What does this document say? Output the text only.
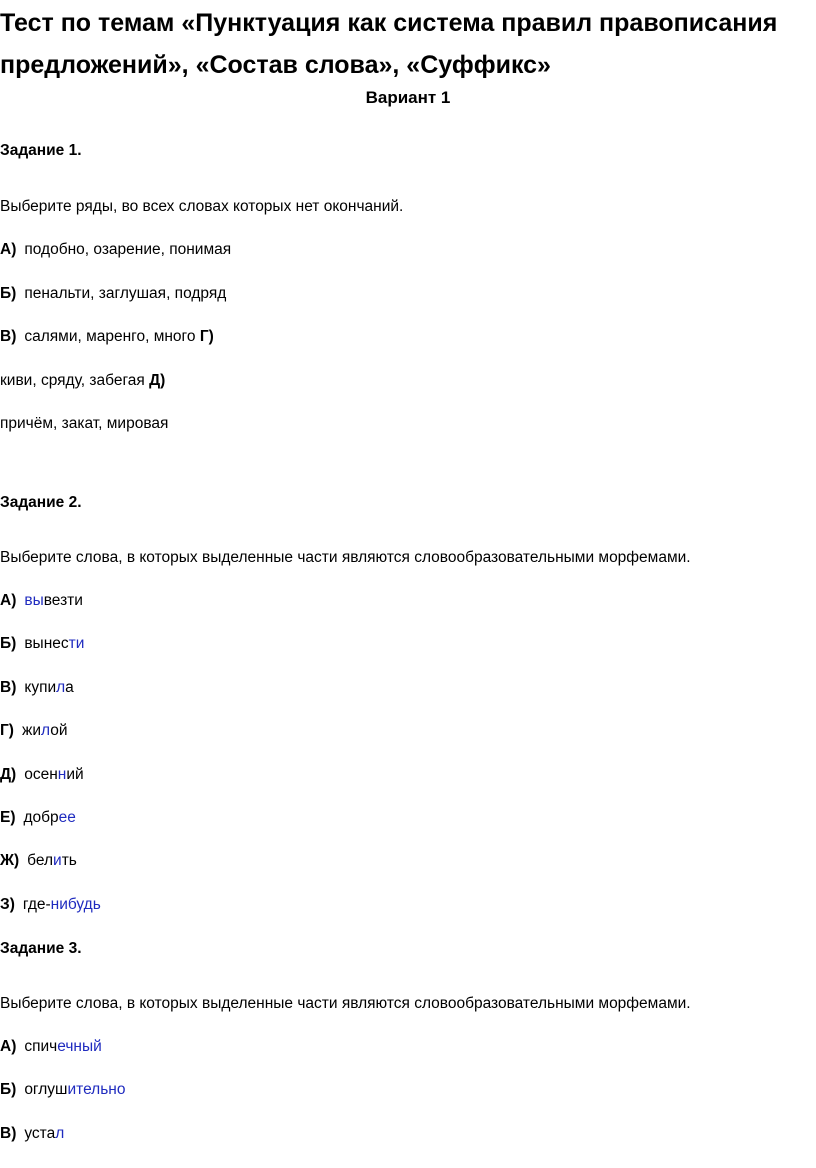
Тест по темам «Пунктуация как система правил правописания предложений», «Состав слова», «Суффикс»
Вариант 1
Задание 1.
Выберите ряды, во всех словах которых нет окончаний.
А) подобно, озарение, понимая
Б) пенальти, заглушая, подряд
В) салями, маренго, много Г)
киви, сряду, забегая Д)
причём, закат, мировая
Задание 2.
Выберите слова, в которых выделенные части являются словообразовательными морфемами.
А) вывезти
Б) вынести
В) купила
Г) жилой
Д) осенний
Е) добрее
Ж) белить
З) где-нибудь
Задание 3.
Выберите слова, в которых выделенные части являются словообразовательными морфемами.
А) спичечный
Б) оглушительно
В) устал
